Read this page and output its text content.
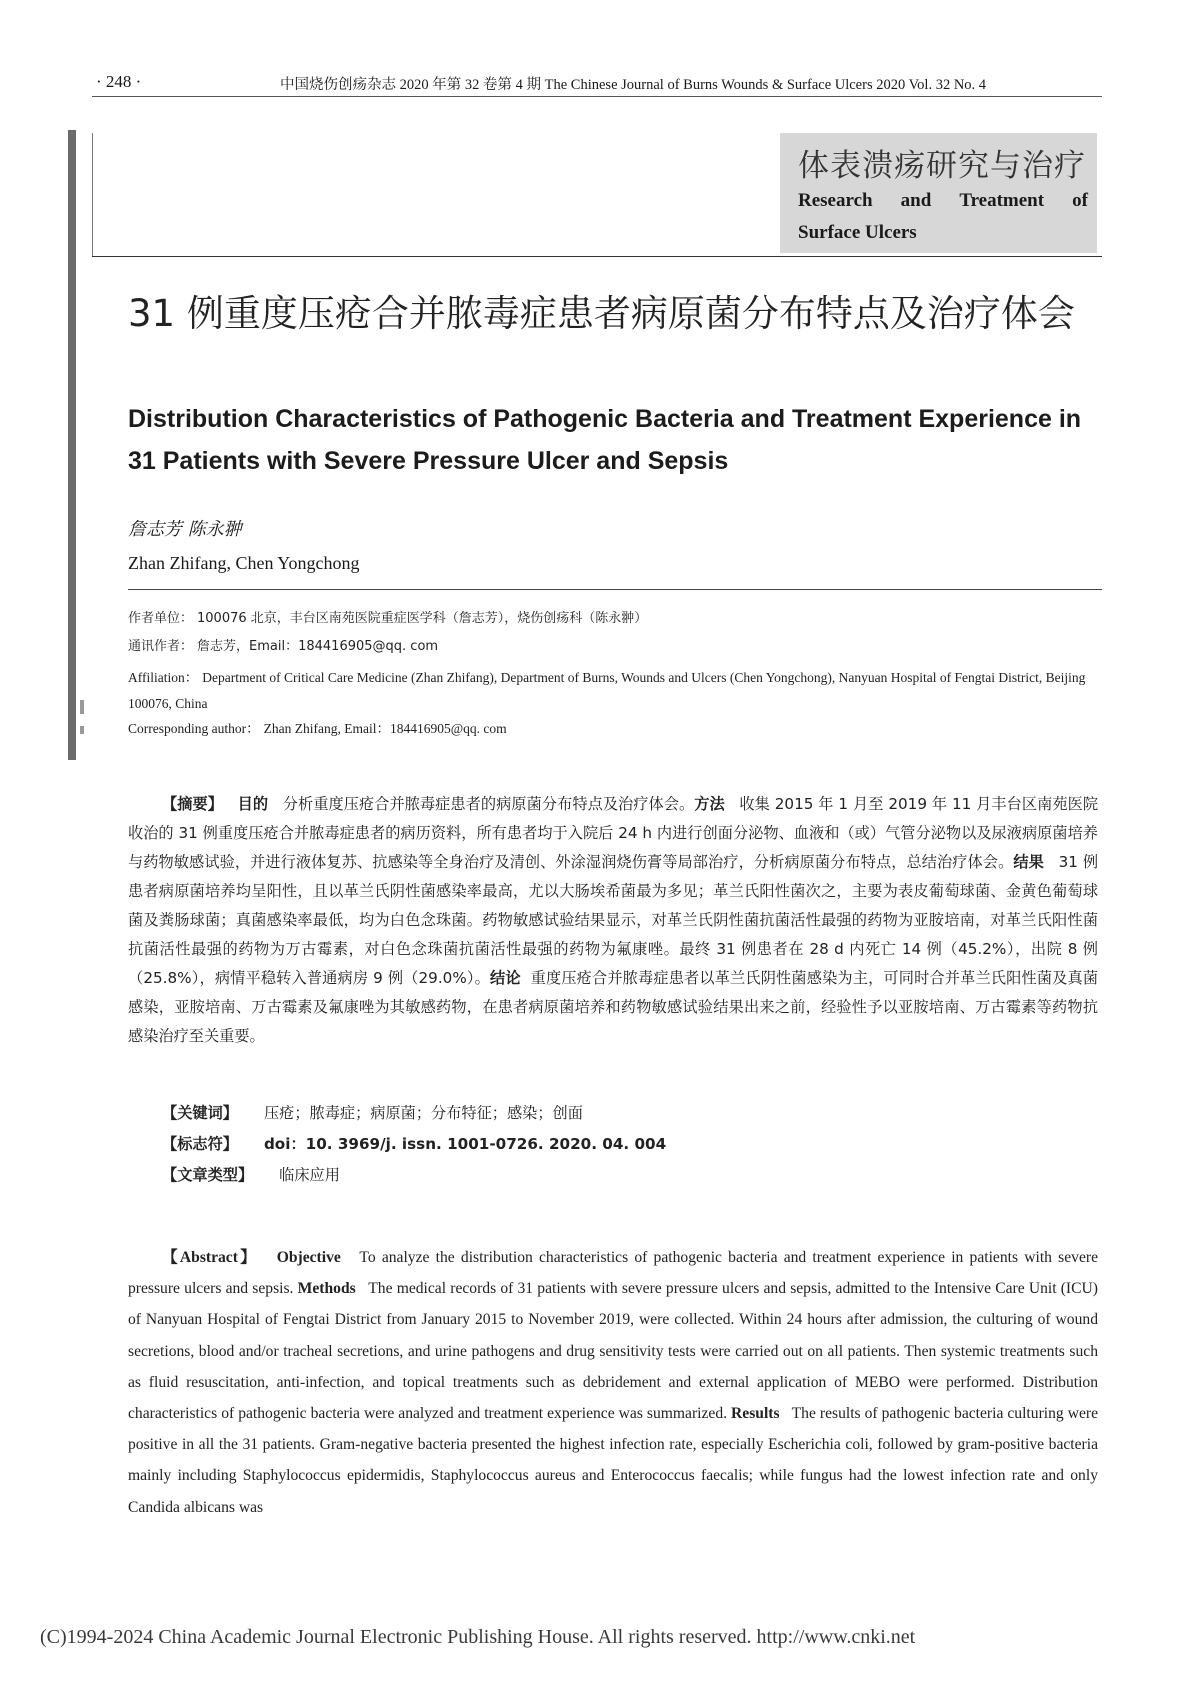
· 248 ·	中国烧伤创疡杂志 2020 年第 32 卷第 4 期 The Chinese Journal of Burns Wounds & Surface Ulcers 2020 Vol. 32 No. 4
体表溃疡研究与治疗
Research and Treatment of
Surface Ulcers
31 例重度压疮合并脓毒症患者病原菌分布特点及治疗体会
Distribution Characteristics of Pathogenic Bacteria and Treatment Experience in 31 Patients with Severe Pressure Ulcer and Sepsis
詹志芳 陈永翀
Zhan Zhifang, Chen Yongchong
作者单位： 100076 北京，丰台区南苑医院重症医学科（詹志芳），烧伤创疡科（陈永翀）
通讯作者： 詹志芳，Email：184416905@qq. com
Affiliation： Department of Critical Care Medicine (Zhan Zhifang), Department of Burns, Wounds and Ulcers (Chen Yongchong), Nanyuan Hospital of Fengtai District, Beijing 100076, China
Corresponding author： Zhan Zhifang, Email：184416905@qq. com
【摘要】 目的 分析重度压疮合并脓毒症患者的病原菌分布特点及治疗体会。方法 收集 2015 年 1 月至 2019 年 11 月丰台区南苑医院收治的 31 例重度压疮合并脓毒症患者的病历资料，所有患者均于入院后 24 h 内进行创面分泌物、血液和（或）气管分泌物以及尿液病原菌培养与药物敏感试验，并进行液体复苏、抗感染等全身治疗及清创、外涂湿润烧伤膏等局部治疗，分析病原菌分布特点，总结治疗体会。结果 31 例患者病原菌培养均呈阳性，且以革兰氏阴性菌感染率最高，尤以大肠埃希菌最为多见；革兰氏阳性菌次之，主要为表皮葡萄球菌、金黄色葡萄球菌及粪肠球菌；真菌感染率最低，均为白色念珠菌。药物敏感试验结果显示，对革兰氏阴性菌抗菌活性最强的药物为亚胺培南，对革兰氏阳性菌抗菌活性最强的药物为万古霉素，对白色念珠菌抗菌活性最强的药物为氟康唑。最终 31 例患者在 28 d 内死亡 14 例（45.2%），出院 8 例（25.8%），病情平稳转入普通病房 9 例（29.0%）。结论 重度压疮合并脓毒症患者以革兰氏阴性菌感染为主，可同时合并革兰氏阳性菌及真菌感染，亚胺培南、万古霉素及氟康唑为其敏感药物，在患者病原菌培养和药物敏感试验结果出来之前，经验性予以亚胺培南、万古霉素等药物抗感染治疗至关重要。
【关键词】 压疮；脓毒症；病原菌；分布特征；感染；创面
【标志符】 doi：10. 3969/j. issn. 1001-0726. 2020. 04. 004
【文章类型】 临床应用
【Abstract】 Objective To analyze the distribution characteristics of pathogenic bacteria and treatment experience in patients with severe pressure ulcers and sepsis. Methods The medical records of 31 patients with severe pressure ulcers and sepsis, admitted to the Intensive Care Unit (ICU) of Nanyuan Hospital of Fengtai District from January 2015 to November 2019, were collected. Within 24 hours after admission, the culturing of wound secretions, blood and/or tracheal secretions, and urine pathogens and drug sensitivity tests were carried out on all patients. Then systemic treatments such as fluid resuscitation, anti-infection, and topical treatments such as debridement and external application of MEBO were performed. Distribution characteristics of pathogenic bacteria were analyzed and treatment experience was summarized. Results The results of pathogenic bacteria culturing were positive in all the 31 patients. Gram-negative bacteria presented the highest infection rate, especially Escherichia coli, followed by gram-positive bacteria mainly including Staphylococcus epidermidis, Staphylococcus aureus and Enterococcus faecalis; while fungus had the lowest infection rate and only Candida albicans was
(C)1994-2024 China Academic Journal Electronic Publishing House. All rights reserved. http://www.cnki.net
